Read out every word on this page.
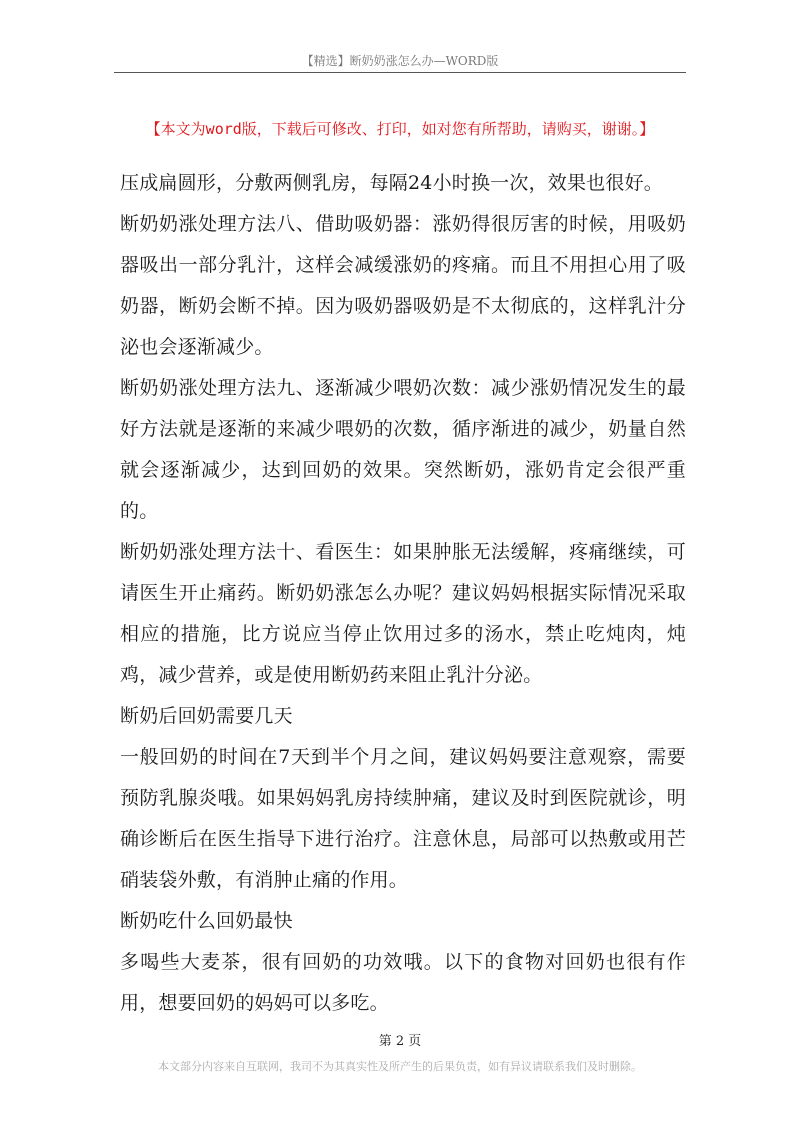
【精选】断奶奶涨怎么办—WORD版
【本文为word版，下载后可修改、打印，如对您有所帮助，请购买，谢谢。】

压成扁圆形，分敷两侧乳房，每隔24小时换一次，效果也很好。

断奶奶涨处理方法八、借助吸奶器：涨奶得很厉害的时候，用吸奶器吸出一部分乳汁，这样会减缓涨奶的疼痛。而且不用担心用了吸奶器，断奶会断不掉。因为吸奶器吸奶是不太彻底的，这样乳汁分泌也会逐渐减少。

断奶奶涨处理方法九、逐渐减少喂奶次数：减少涨奶情况发生的最好方法就是逐渐的来减少喂奶的次数，循序渐进的减少，奶量自然就会逐渐减少，达到回奶的效果。突然断奶，涨奶肯定会很严重的。

断奶奶涨处理方法十、看医生：如果肿胀无法缓解，疼痛继续，可请医生开止痛药。断奶奶涨怎么办呢？建议妈妈根据实际情况采取相应的措施，比方说应当停止饮用过多的汤水，禁止吃炖肉，炖鸡，减少营养，或是使用断奶药来阻止乳汁分泌。

断奶后回奶需要几天

一般回奶的时间在7天到半个月之间，建议妈妈要注意观察，需要预防乳腺炎哦。如果妈妈乳房持续肿痛，建议及时到医院就诊，明确诊断后在医生指导下进行治疗。注意休息，局部可以热敷或用芒硝装袋外敷，有消肿止痛的作用。

断奶吃什么回奶最快

多喝些大麦茶，很有回奶的功效哦。以下的食物对回奶也很有作用，想要回奶的妈妈可以多吃。

第 2 页
本文部分内容来自互联网，我司不为其真实性及所产生的后果负责，如有异议请联系我们及时删除。
